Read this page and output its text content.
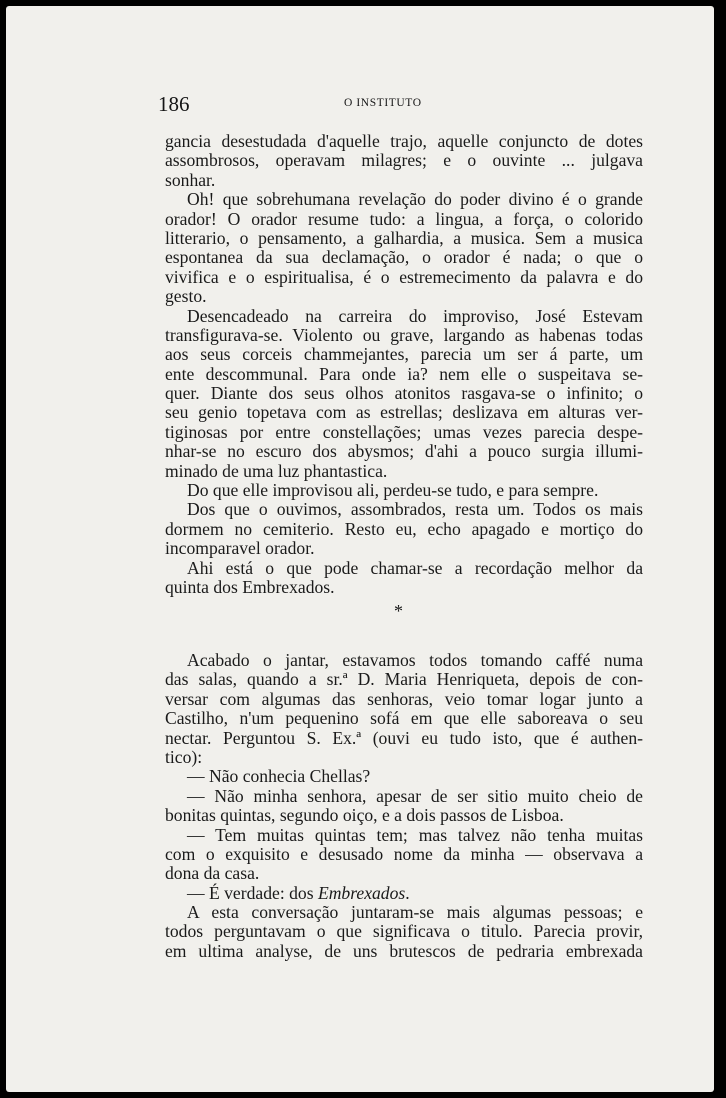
186	O INSTITUTO
gancia desestudada d'aquelle trajo, aquelle conjuncto de dotes
assombrosos, operavam milagres; e o ouvinte ... julgava
sonhar.
Oh! que sobrehumana revelação do poder divino é o grande
orador! O orador resume tudo: a lingua, a força, o colorido
litterario, o pensamento, a galhardia, a musica. Sem a musica
espontanea da sua declamação, o orador é nada; o que o
vivifica e o espiritualisa, é o estremecimento da palavra e do
gesto.
Desencadeado na carreira do improviso, José Estevam
transfigurava-se. Violento ou grave, largando as habenas todas
aos seus corceis chammejantes, parecia um ser á parte, um
ente descommunal. Para onde ia? nem elle o suspeitava se-
quer. Diante dos seus olhos atonitos rasgava-se o infinito; o
seu genio topetava com as estrellas; deslizava em alturas ver-
tiginosas por entre constellações; umas vezes parecia despe-
nhar-se no escuro dos abysmos; d'ahi a pouco surgia illumi-
minado de uma luz phantastica.
Do que elle improvisou ali, perdeu-se tudo, e para sempre.
Dos que o ouvimos, assombrados, resta um. Todos os mais
dormem no cemiterio. Resto eu, echo apagado e mortiço do
incomparavel orador.
Ahi está o que pode chamar-se a recordação melhor da
quinta dos Embrexados.
*
Acabado o jantar, estavamos todos tomando caffé numa
das salas, quando a sr.ª D. Maria Henriqueta, depois de con-
versar com algumas das senhoras, veio tomar logar junto a
Castilho, n'um pequenino sofá em que elle saboreava o seu
nectar. Perguntou S. Ex.ª (ouvi eu tudo isto, que é authen-
tico):
— Não conhecia Chellas?
— Não minha senhora, apesar de ser sitio muito cheio de
bonitas quintas, segundo oiço, e a dois passos de Lisboa.
— Tem muitas quintas tem; mas talvez não tenha muitas
com o exquisito e desusado nome da minha — observava a
dona da casa.
— É verdade: dos Embrexados.
A esta conversação juntaram-se mais algumas pessoas; e
todos perguntavam o que significava o titulo. Parecia provir,
em ultima analyse, de uns brutescos de pedraria embrexada
